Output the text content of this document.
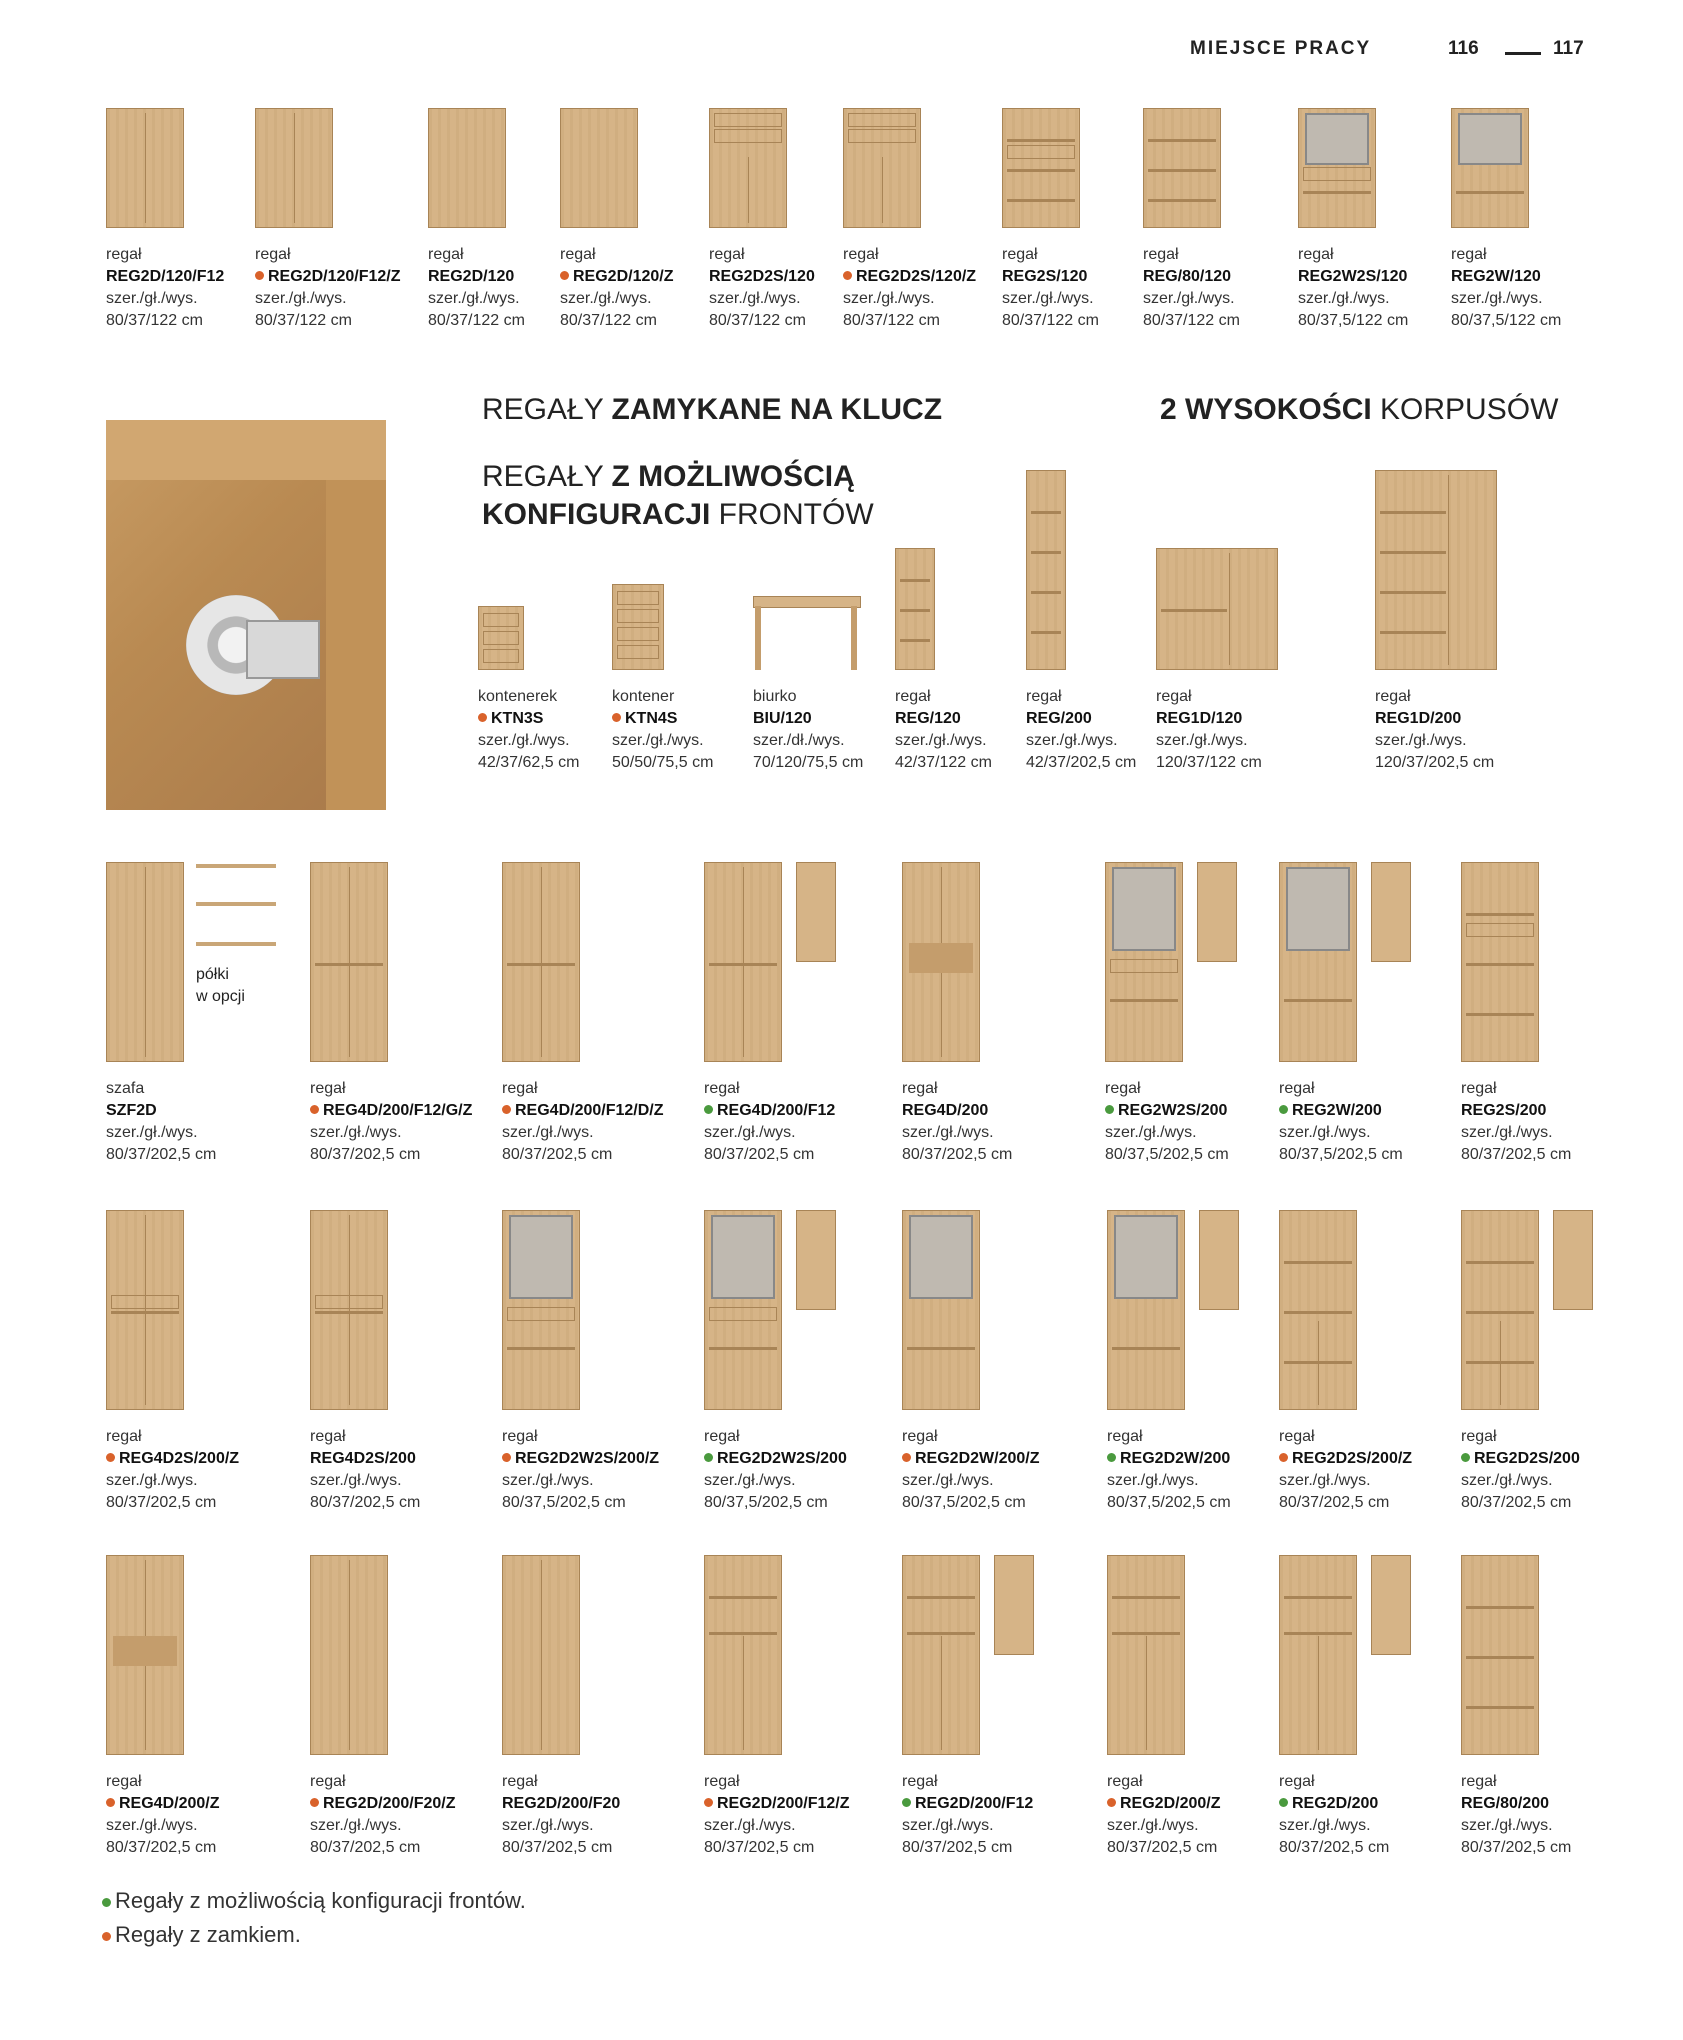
MIEJSCE PRACY	116	117
regał
REG2D/120/F12
szer./gł./wys.
80/37/122 cm
regał
REG2D/120/F12/Z
szer./gł./wys.
80/37/122 cm
regał
REG2D/120
szer./gł./wys.
80/37/122 cm
regał
REG2D/120/Z
szer./gł./wys.
80/37/122 cm
regał
REG2D2S/120
szer./gł./wys.
80/37/122 cm
regał
REG2D2S/120/Z
szer./gł./wys.
80/37/122 cm
regał
REG2S/120
szer./gł./wys.
80/37/122 cm
regał
REG/80/120
szer./gł./wys.
80/37/122 cm
regał
REG2W2S/120
szer./gł./wys.
80/37,5/122 cm
regał
REG2W/120
szer./gł./wys.
80/37,5/122 cm
REGAŁY ZAMYKANE NA KLUCZ
REGAŁY Z MOŻLIWOŚCIĄ
KONFIGURACJI FRONTÓW
2 WYSOKOŚCI KORPUSÓW
kontenerek
KTN3S
szer./gł./wys.
42/37/62,5 cm
kontener
KTN4S
szer./gł./wys.
50/50/75,5 cm
biurko
BIU/120
szer./dł./wys.
70/120/75,5 cm
regał
REG/120
szer./gł./wys.
42/37/122 cm
regał
REG/200
szer./gł./wys.
42/37/202,5 cm
regał
REG1D/120
szer./gł./wys.
120/37/122 cm
regał
REG1D/200
szer./gł./wys.
120/37/202,5 cm
półki
w opcji
szafa
SZF2D
szer./gł./wys.
80/37/202,5 cm
regał
REG4D/200/F12/G/Z
szer./gł./wys.
80/37/202,5 cm
regał
REG4D/200/F12/D/Z
szer./gł./wys.
80/37/202,5 cm
regał
REG4D/200/F12
szer./gł./wys.
80/37/202,5 cm
regał
REG4D/200
szer./gł./wys.
80/37/202,5 cm
regał
REG2W2S/200
szer./gł./wys.
80/37,5/202,5 cm
regał
REG2W/200
szer./gł./wys.
80/37,5/202,5 cm
regał
REG2S/200
szer./gł./wys.
80/37/202,5 cm
regał
REG4D2S/200/Z
szer./gł./wys.
80/37/202,5 cm
regał
REG4D2S/200
szer./gł./wys.
80/37/202,5 cm
regał
REG2D2W2S/200/Z
szer./gł./wys.
80/37,5/202,5 cm
regał
REG2D2W2S/200
szer./gł./wys.
80/37,5/202,5 cm
regał
REG2D2W/200/Z
szer./gł./wys.
80/37,5/202,5 cm
regał
REG2D2W/200
szer./gł./wys.
80/37,5/202,5 cm
regał
REG2D2S/200/Z
szer./gł./wys.
80/37/202,5 cm
regał
REG2D2S/200
szer./gł./wys.
80/37/202,5 cm
regał
REG4D/200/Z
szer./gł./wys.
80/37/202,5 cm
regał
REG2D/200/F20/Z
szer./gł./wys.
80/37/202,5 cm
regał
REG2D/200/F20
szer./gł./wys.
80/37/202,5 cm
regał
REG2D/200/F12/Z
szer./gł./wys.
80/37/202,5 cm
regał
REG2D/200/F12
szer./gł./wys.
80/37/202,5 cm
regał
REG2D/200/Z
szer./gł./wys.
80/37/202,5 cm
regał
REG2D/200
szer./gł./wys.
80/37/202,5 cm
regał
REG/80/200
szer./gł./wys.
80/37/202,5 cm
Regały z możliwością konfiguracji frontów.
Regały z zamkiem.
